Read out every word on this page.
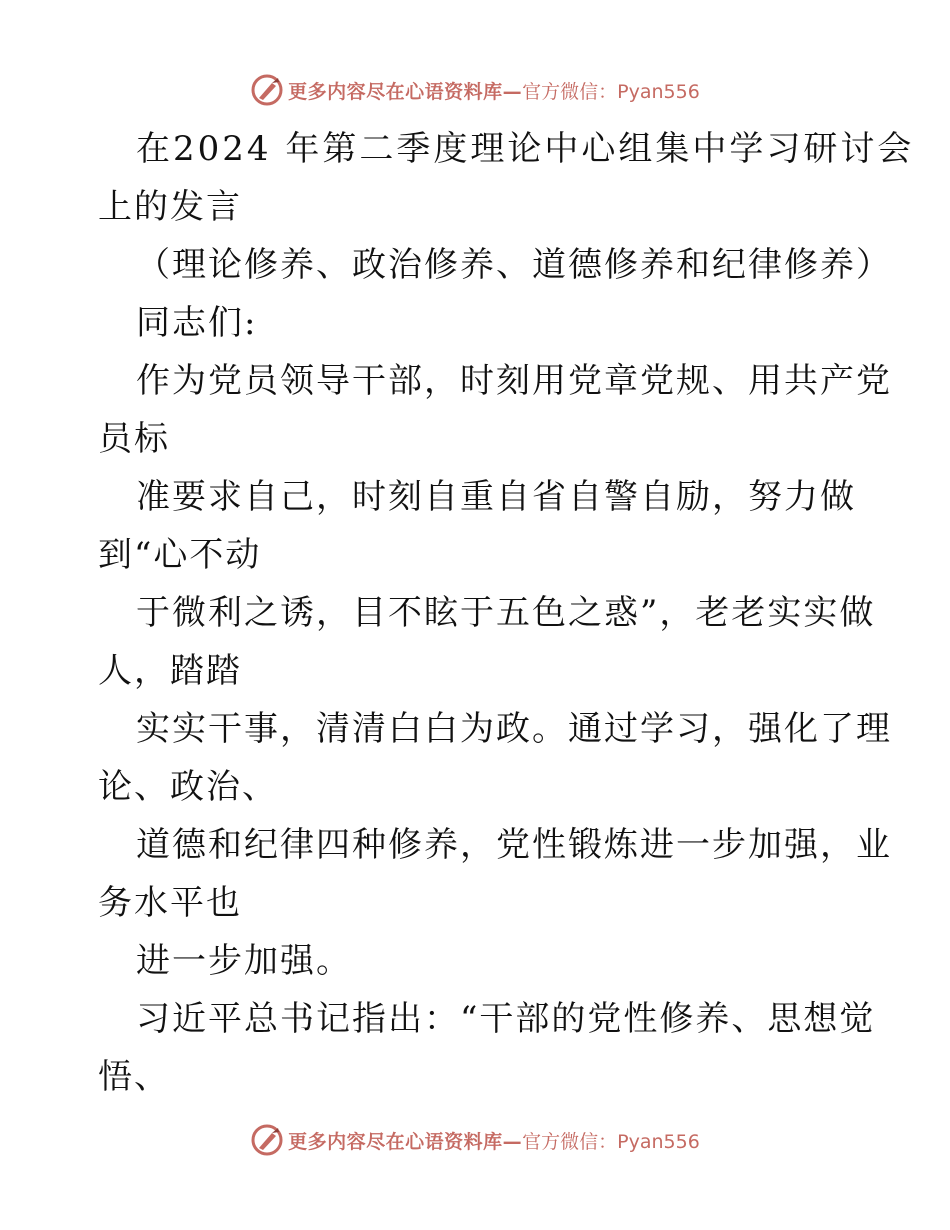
更多内容尽在心语资料库— 官方微信：Pyan556
在2024 年第二季度理论中心组集中学习研讨会
上的发言
（理论修养、政治修养、道德修养和纪律修养）
同志们:
作为党员领导干部，时刻用党章党规、用共产党
员标
准要求自己，时刻自重自省自警自励，努力做
到“心不动
于微利之诱，目不眩于五色之惑”，老老实实做
人，踏踏
实实干事，清清白白为政。通过学习，强化了理
论、政治、
道德和纪律四种修养，党性锻炼进一步加强，业
务水平也
进一步加强。
习近平总书记指出：“干部的党性修养、思想觉
悟、
更多内容尽在心语资料库— 官方微信：Pyan556
